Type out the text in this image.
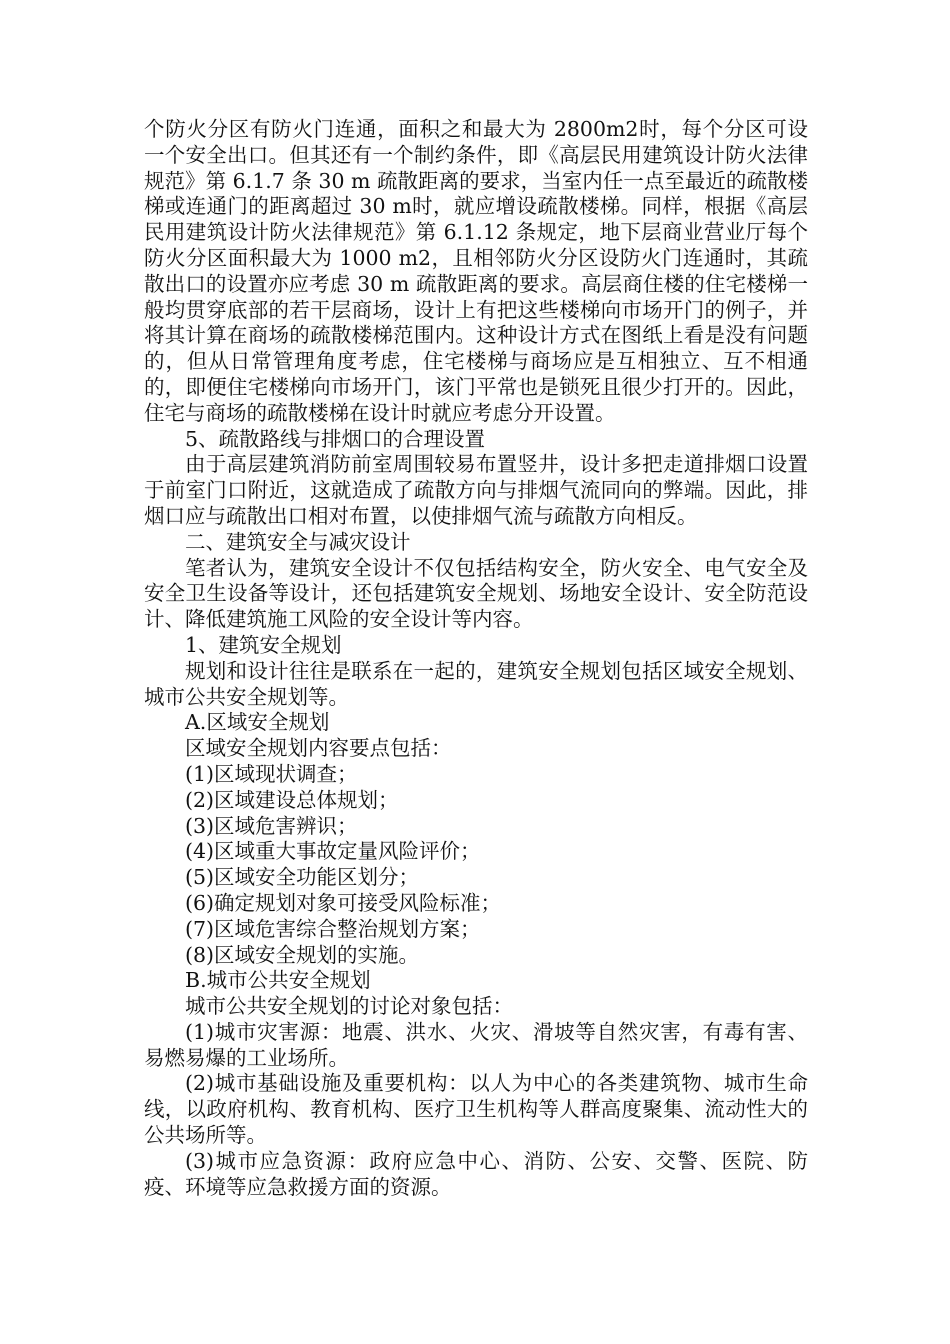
个防火分区有防火门连通，面积之和最大为 2800m2时，每个分区可设一个安全出口。但其还有一个制约条件，即《高层民用建筑设计防火法律规范》第 6.1.7 条 30 m 疏散距离的要求，当室内任一点至最近的疏散楼梯或连通门的距离超过 30 m时，就应增设疏散楼梯。同样，根据《高层民用建筑设计防火法律规范》第 6.1.12 条规定，地下层商业营业厅每个防火分区面积最大为 1000 m2，且相邻防火分区设防火门连通时，其疏散出口的设置亦应考虑 30 m 疏散距离的要求。高层商住楼的住宅楼梯一般均贯穿底部的若干层商场，设计上有把这些楼梯向市场开门的例子，并将其计算在商场的疏散楼梯范围内。这种设计方式在图纸上看是没有问题的，但从日常管理角度考虑，住宅楼梯与商场应是互相独立、互不相通的，即便住宅楼梯向市场开门，该门平常也是锁死且很少打开的。因此，住宅与商场的疏散楼梯在设计时就应考虑分开设置。

5、疏散路线与排烟口的合理设置

由于高层建筑消防前室周围较易布置竖井，设计多把走道排烟口设置于前室门口附近，这就造成了疏散方向与排烟气流同向的弊端。因此，排烟口应与疏散出口相对布置，以使排烟气流与疏散方向相反。

二、建筑安全与减灾设计

笔者认为，建筑安全设计不仅包括结构安全，防火安全、电气安全及安全卫生设备等设计，还包括建筑安全规划、场地安全设计、安全防范设计、降低建筑施工风险的安全设计等内容。

1、建筑安全规划

规划和设计往往是联系在一起的，建筑安全规划包括区域安全规划、城市公共安全规划等。

A.区域安全规划

区域安全规划内容要点包括：

(1)区域现状调查；

(2)区域建设总体规划；

(3)区域危害辨识；

(4)区域重大事故定量风险评价；

(5)区域安全功能区划分；

(6)确定规划对象可接受风险标准；

(7)区域危害综合整治规划方案；

(8)区域安全规划的实施。

B.城市公共安全规划

城市公共安全规划的讨论对象包括：

(1)城市灾害源：地震、洪水、火灾、滑坡等自然灾害，有毒有害、易燃易爆的工业场所。

(2)城市基础设施及重要机构：以人为中心的各类建筑物、城市生命线，以政府机构、教育机构、医疗卫生机构等人群高度聚集、流动性大的公共场所等。

(3)城市应急资源：政府应急中心、消防、公安、交警、医院、防疫、环境等应急救援方面的资源。
